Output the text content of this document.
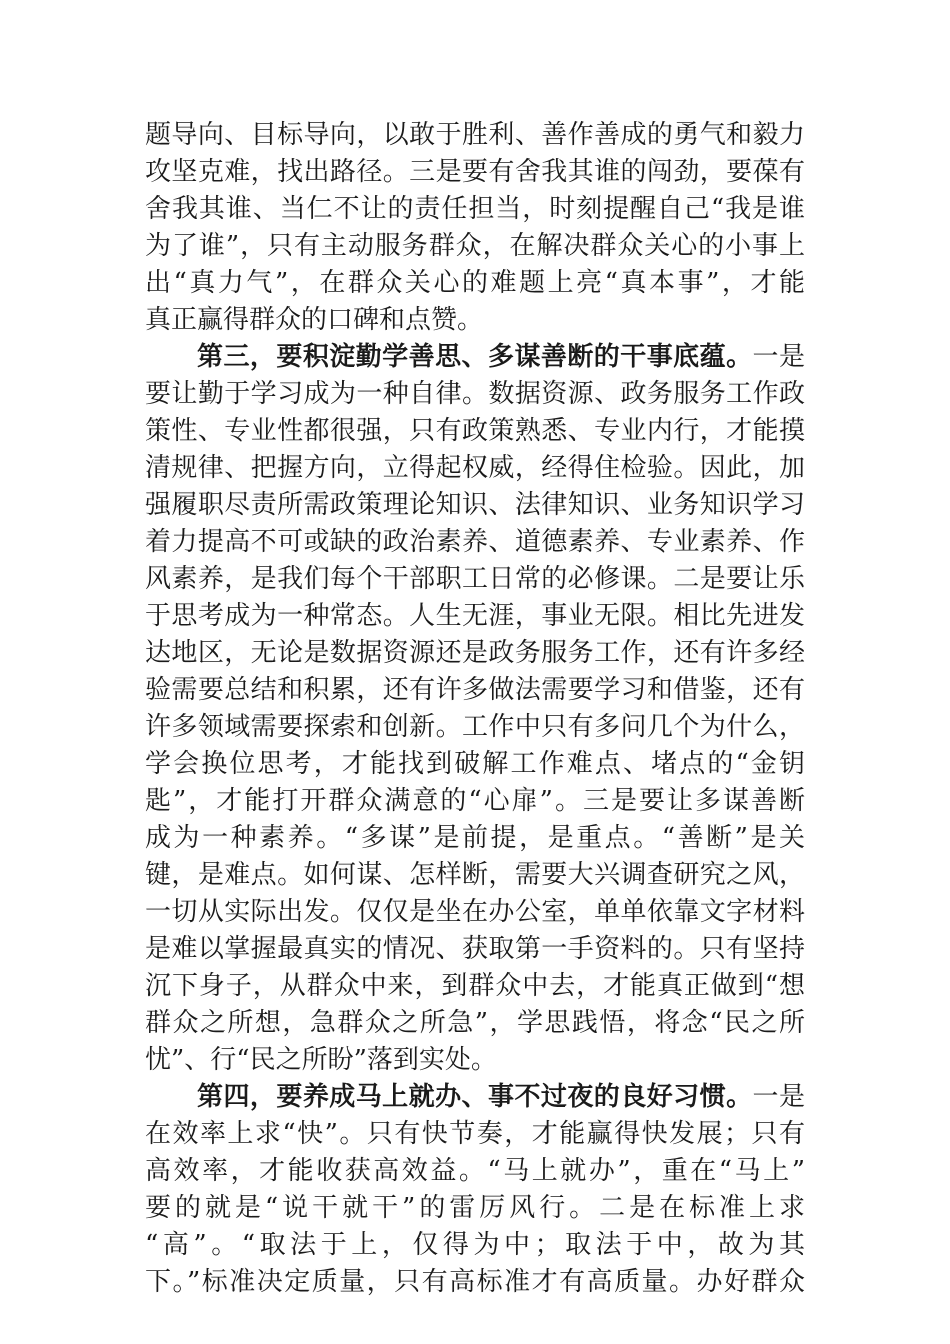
题导向、目标导向，以敢于胜利、善作善成的勇气和毅力
攻坚克难，找出路径。三是要有舍我其谁的闯劲，要葆有
舍我其谁、当仁不让的责任担当，时刻提醒自己“我是谁
为了谁”，只有主动服务群众，在解决群众关心的小事上
出“真力气”，在群众关心的难题上亮“真本事”，才能
真正赢得群众的口碑和点赞。
第三，要积淀勤学善思、多谋善断的干事底蕴。一是
要让勤于学习成为一种自律。数据资源、政务服务工作政
策性、专业性都很强，只有政策熟悉、专业内行，才能摸
清规律、把握方向，立得起权威，经得住检验。因此，加
强履职尽责所需政策理论知识、法律知识、业务知识学习
着力提高不可或缺的政治素养、道德素养、专业素养、作
风素养，是我们每个干部职工日常的必修课。二是要让乐
于思考成为一种常态。人生无涯，事业无限。相比先进发
达地区，无论是数据资源还是政务服务工作，还有许多经
验需要总结和积累，还有许多做法需要学习和借鉴，还有
许多领域需要探索和创新。工作中只有多问几个为什么，
学会换位思考，才能找到破解工作难点、堵点的“金钥
匙”，才能打开群众满意的“心扉”。三是要让多谋善断
成为一种素养。“多谋”是前提，是重点。“善断”是关
键，是难点。如何谋、怎样断，需要大兴调查研究之风，
一切从实际出发。仅仅是坐在办公室，单单依靠文字材料
是难以掌握最真实的情况、获取第一手资料的。只有坚持
沉下身子，从群众中来，到群众中去，才能真正做到“想
群众之所想，急群众之所急”，学思践悟，将念“民之所
忧”、行“民之所盼”落到实处。
第四，要养成马上就办、事不过夜的良好习惯。一是
在效率上求“快”。只有快节奏，才能赢得快发展；只有
高效率，才能收获高效益。“马上就办”，重在“马上”
要的就是“说干就干”的雷厉风行。二是在标准上求
“高”。“取法于上，仅得为中；取法于中，故为其
下。”标准决定质量，只有高标准才有高质量。办好群众
